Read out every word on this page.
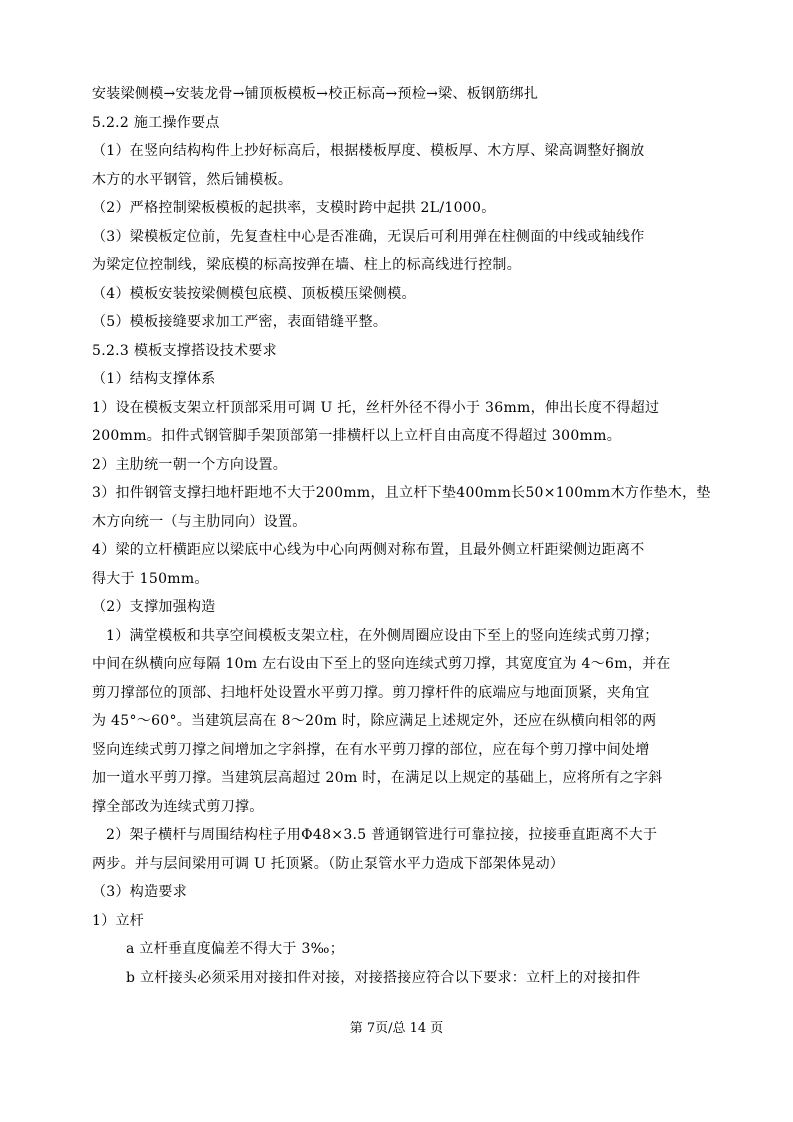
安装梁侧模→安装龙骨→铺顶板模板→校正标高→预检→梁、板钢筋绑扎
5.2.2 施工操作要点
（1）在竖向结构构件上抄好标高后，根据楼板厚度、模板厚、木方厚、梁高调整好搁放
木方的水平钢管，然后铺模板。
（2）严格控制梁板模板的起拱率，支模时跨中起拱 2L/1000。
（3）梁模板定位前，先复查柱中心是否准确，无误后可利用弹在柱侧面的中线或轴线作
为梁定位控制线，梁底模的标高按弹在墙、柱上的标高线进行控制。
（4）模板安装按梁侧模包底模、顶板模压梁侧模。
（5）模板接缝要求加工严密，表面错缝平整。
5.2.3 模板支撑搭设技术要求
（1）结构支撑体系
1）设在模板支架立杆顶部采用可调 U 托，丝杆外径不得小于 36mm，伸出长度不得超过
200mm。扣件式钢管脚手架顶部第一排横杆以上立杆自由高度不得超过 300mm。
2）主肋统一朝一个方向设置。
3）扣件钢管支撑扫地杆距地不大于200mm，且立杆下垫400mm长50×100mm木方作垫木，垫
木方向统一（与主肋同向）设置。
4）梁的立杆横距应以梁底中心线为中心向两侧对称布置，且最外侧立杆距梁侧边距离不
得大于 150mm。
（2）支撑加强构造
1）满堂模板和共享空间模板支架立柱，在外侧周圈应设由下至上的竖向连续式剪刀撑；
中间在纵横向应每隔 10m 左右设由下至上的竖向连续式剪刀撑，其宽度宜为 4～6m，并在
剪刀撑部位的顶部、扫地杆处设置水平剪刀撑。剪刀撑杆件的底端应与地面顶紧，夹角宜
为 45°～60°。当建筑层高在 8～20m 时，除应满足上述规定外，还应在纵横向相邻的两
竖向连续式剪刀撑之间增加之字斜撑，在有水平剪刀撑的部位，应在每个剪刀撑中间处增
加一道水平剪刀撑。当建筑层高超过 20m 时，在满足以上规定的基础上，应将所有之字斜
撑全部改为连续式剪刀撑。
2）架子横杆与周围结构柱子用Φ48×3.5 普通钢管进行可靠拉接，拉接垂直距离不大于
两步。并与层间梁用可调 U 托顶紧。（防止泵管水平力造成下部架体晃动）
（3）构造要求
1）立杆
a 立杆垂直度偏差不得大于 3‰；
b 立杆接头必须采用对接扣件对接，对接搭接应符合以下要求：立杆上的对接扣件
第 7页/总 14 页
